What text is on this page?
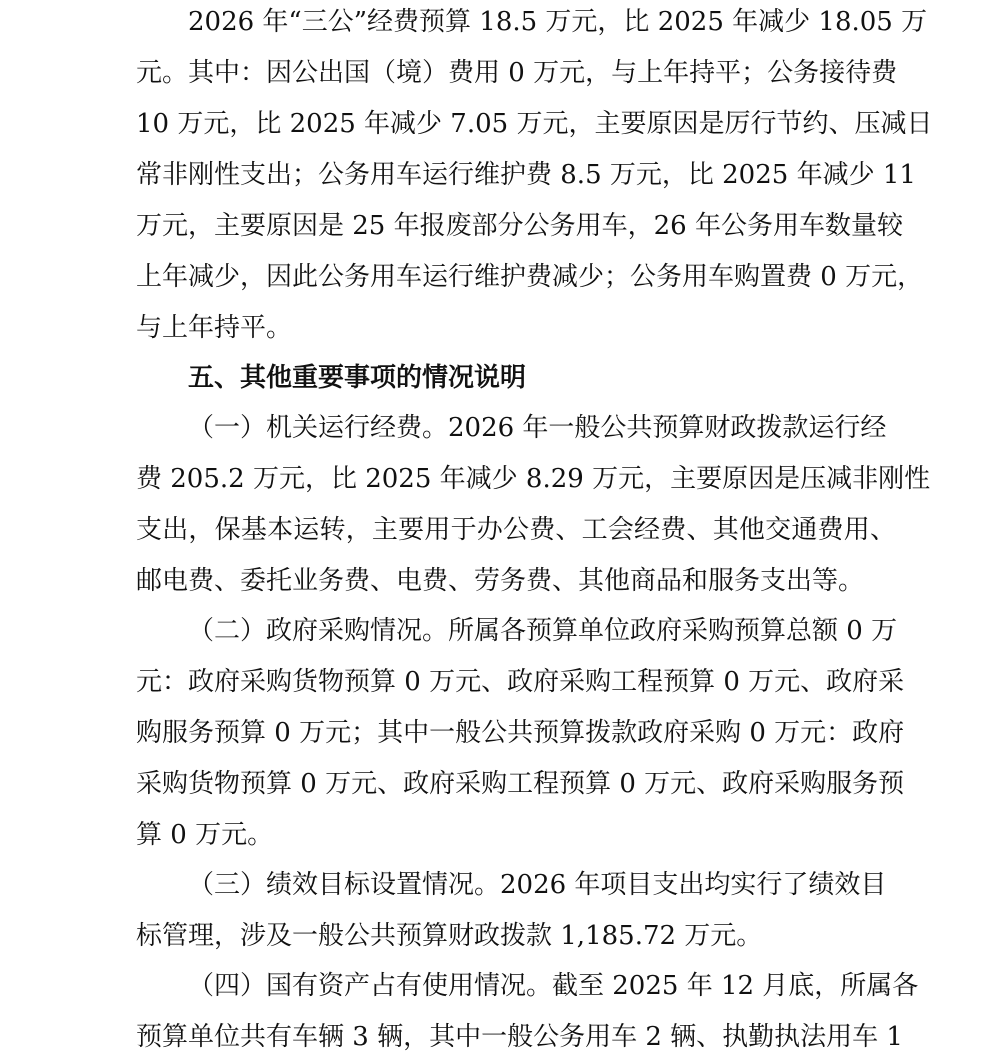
2026 年“三公”经费预算 18.5 万元，比 2025 年减少 18.05 万
元。其中：因公出国（境）费用 0 万元，与上年持平；公务接待费
10 万元，比 2025 年减少 7.05 万元，主要原因是厉行节约、压减日
常非刚性支出；公务用车运行维护费 8.5 万元，比 2025 年减少 11
万元，主要原因是 25 年报废部分公务用车，26 年公务用车数量较
上年减少，因此公务用车运行维护费减少；公务用车购置费 0 万元，
与上年持平。
五、其他重要事项的情况说明
（一）机关运行经费。2026 年一般公共预算财政拨款运行经
费 205.2 万元，比 2025 年减少 8.29 万元，主要原因是压减非刚性
支出，保基本运转，主要用于办公费、工会经费、其他交通费用、
邮电费、委托业务费、电费、劳务费、其他商品和服务支出等。
（二）政府采购情况。所属各预算单位政府采购预算总额 0 万
元：政府采购货物预算 0 万元、政府采购工程预算 0 万元、政府采
购服务预算 0 万元；其中一般公共预算拨款政府采购 0 万元：政府
采购货物预算 0 万元、政府采购工程预算 0 万元、政府采购服务预
算 0 万元。
（三）绩效目标设置情况。2026 年项目支出均实行了绩效目
标管理，涉及一般公共预算财政拨款 1,185.72 万元。
（四）国有资产占有使用情况。截至 2025 年 12 月底，所属各
预算单位共有车辆 3 辆，其中一般公务用车 2 辆、执勤执法用车 1
